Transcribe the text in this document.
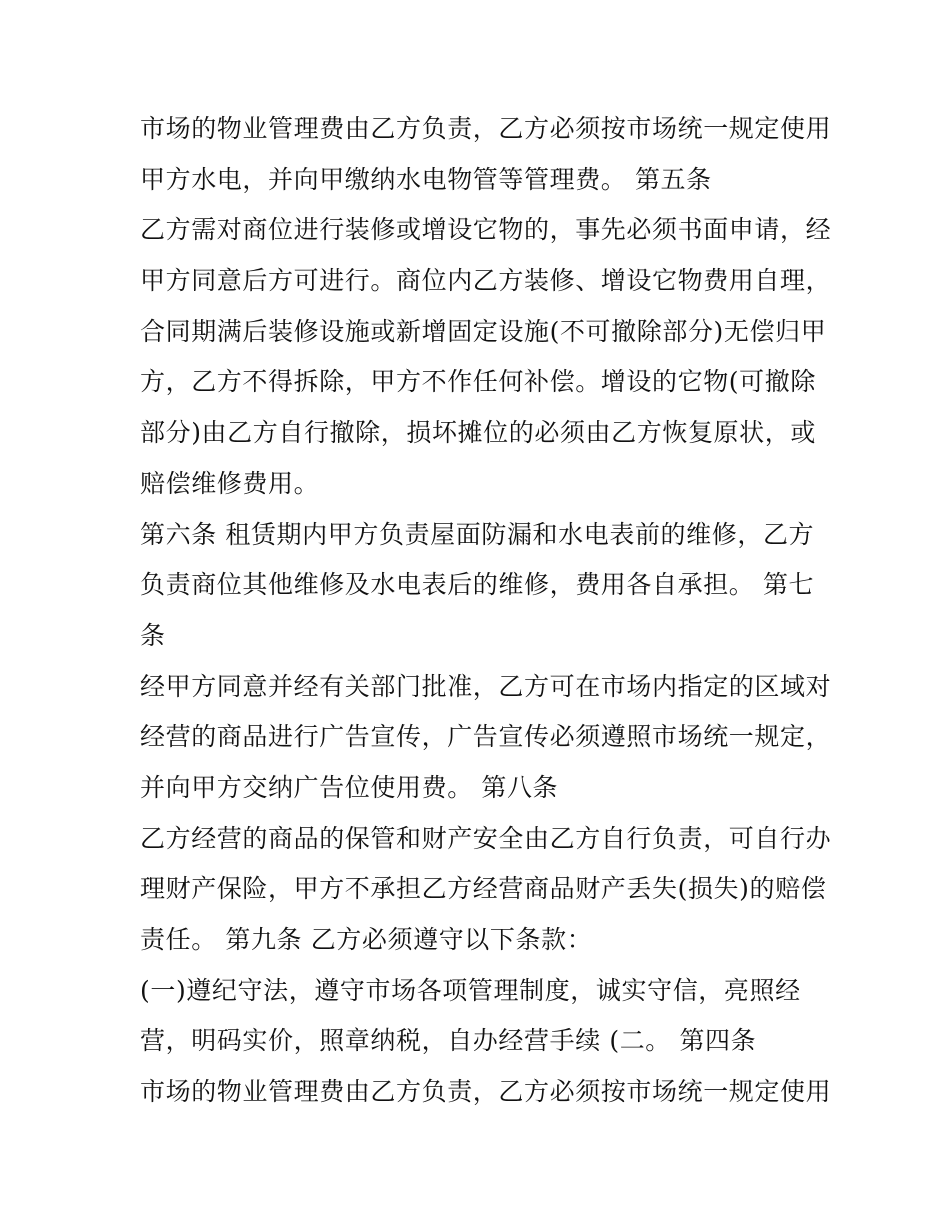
市场的物业管理费由乙方负责，乙方必须按市场统一规定使用
甲方水电，并向甲缴纳水电物管等管理费。 第五条
乙方需对商位进行装修或增设它物的，事先必须书面申请，经
甲方同意后方可进行。商位内乙方装修、增设它物费用自理，
合同期满后装修设施或新增固定设施(不可撤除部分)无偿归甲
方，乙方不得拆除，甲方不作任何补偿。增设的它物(可撤除
部分)由乙方自行撤除，损坏摊位的必须由乙方恢复原状，或
赔偿维修费用。
第六条 租赁期内甲方负责屋面防漏和水电表前的维修，乙方
负责商位其他维修及水电表后的维修，费用各自承担。 第七
条
经甲方同意并经有关部门批准，乙方可在市场内指定的区域对
经营的商品进行广告宣传，广告宣传必须遵照市场统一规定，
并向甲方交纳广告位使用费。 第八条
乙方经营的商品的保管和财产安全由乙方自行负责，可自行办
理财产保险，甲方不承担乙方经营商品财产丢失(损失)的赔偿
责任。 第九条 乙方必须遵守以下条款：
(一)遵纪守法，遵守市场各项管理制度，诚实守信，亮照经
营，明码实价，照章纳税，自办经营手续 (二。 第四条
市场的物业管理费由乙方负责，乙方必须按市场统一规定使用
